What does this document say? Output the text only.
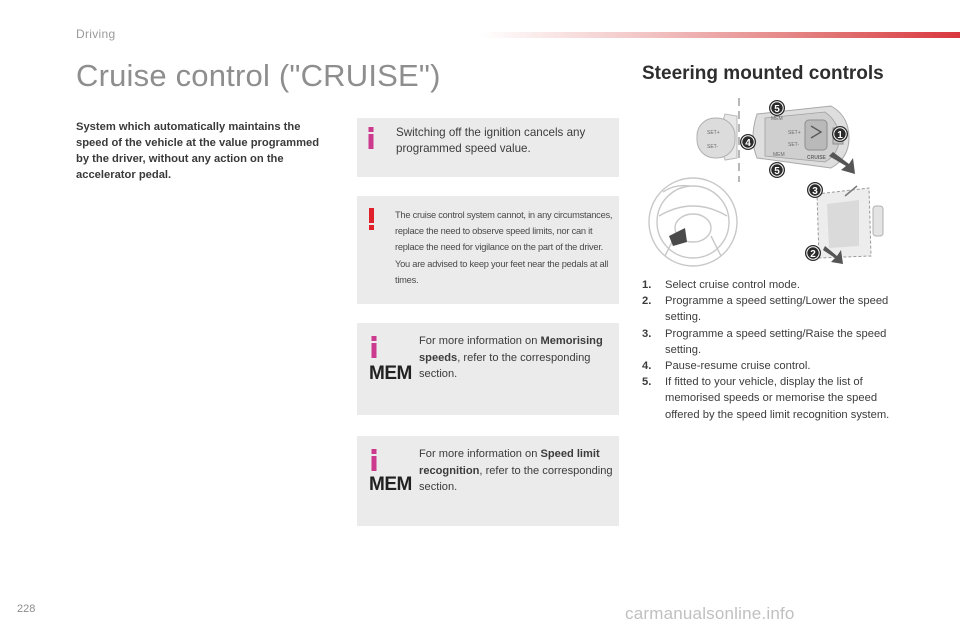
Driving
Cruise control ("CRUISE")

System which automatically maintains the speed of the vehicle at the value programmed by the driver, without any action on the accelerator pedal.

Switching off the ignition cancels any programmed speed value.

The cruise control system cannot, in any circumstances, replace the need to observe speed limits, nor can it replace the need for vigilance on the part of the driver. You are advised to keep your feet near the pedals at all times.

MEM

For more information on Memorising speeds, refer to the corresponding section.

MEM

For more information on Speed limit recognition, refer to the corresponding section.

Steering mounted controls
SET+
SET-
MEM
MEM
SET+
SET-
CRUISE
1
2
3
4
5
5
1. Select cruise control mode.
2. Programme a speed setting/Lower the speed setting.
3. Programme a speed setting/Raise the speed setting.
4. Pause-resume cruise control.
5. If fitted to your vehicle, display the list of memorised speeds or memorise the speed offered by the speed limit recognition system.
228	carmanualsonline.info
